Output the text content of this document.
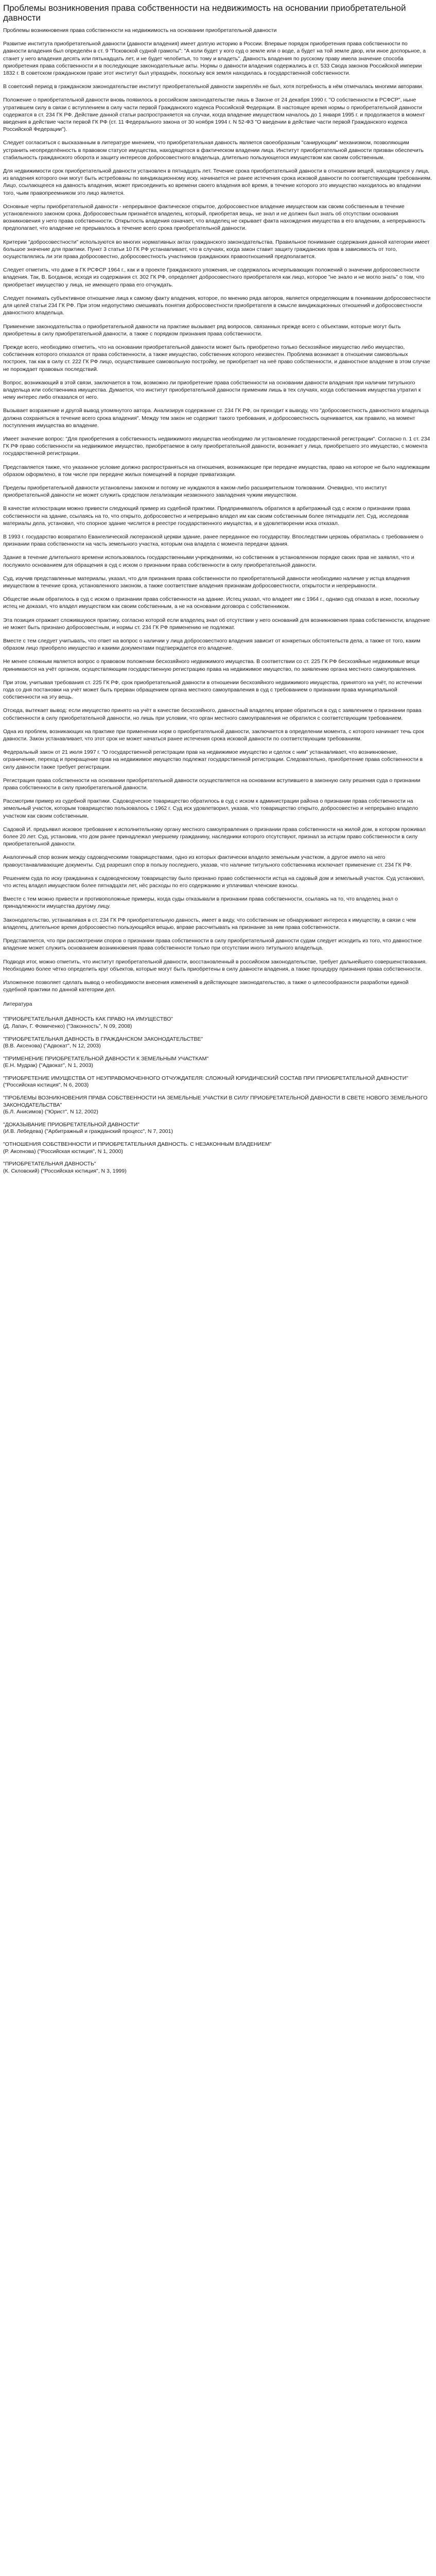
Проблемы возникновения права собственности на недвижимость на основании приобретательной давности

Проблемы возникновения права собственности на недвижимость на основании приобретательной давности

Развитие института приобретательной давности (давности владения) имеет долгую историю в России. Впервые порядок приобретения права собственности по давности владения был определён в ст. 9 "Псковской судной грамоты": "А коли будет у кого суд о земле или о воде, а будет на той земле двор, или иное доспорьное, а станет у него владения десять или пятьнадцать лет, и не будет челобитья, то тому и владеть". Давность владения по русскому праву имела значение способа приобретения права собственности и в последующие законодательные акты. Нормы о давности владения содержались в ст. 533 Свода законов Российской империи 1832 г. В советском гражданском праве этот институт был упразднён, поскольку вся земля находилась в государственной собственности.

В советский период в гражданском законодательстве институт приобретательной давности закреплён не был, хотя потребность в нём отмечалась многими авторами.

Положение о приобретательной давности вновь появилось в российском законодательстве лишь в Законе от 24 декабря 1990 г. "О собственности в РСФСР", ныне утратившем силу в связи с вступлением в силу части первой Гражданского кодекса Российской Федерации. В настоящее время нормы о приобретательной давности содержатся в ст. 234 ГК РФ. Действие данной статьи распространяется на случаи, когда владение имуществом началось до 1 января 1995 г. и продолжается в момент введения в действие части первой ГК РФ (ст. 11 Федерального закона от 30 ноября 1994 г. N 52-ФЗ "О введении в действие части первой Гражданского кодекса Российской Федерации").

Следует согласиться с высказанным в литературе мнением, что приобретательная давность является своеобразным "санирующим" механизмом, позволяющим устранить неопределённость в правовом статусе имущества, находящегося в фактическом владении лица. Институт приобретательной давности призван обеспечить стабильность гражданского оборота и защиту интересов добросовестного владельца, длительно пользующегося имуществом как своим собственным.

Для недвижимости срок приобретательной давности установлен в пятнадцать лет. Течение срока приобретательной давности в отношении вещей, находящихся у лица, из владения которого они могут быть истребованы по виндикационному иску, начинается не ранее истечения срока исковой давности по соответствующим требованиям. Лицо, ссылающееся на давность владения, может присоединить ко времени своего владения всё время, в течение которого это имущество находилось во владении того, чьим правопреемником это лицо является.

Основные черты приобретательной давности - непрерывное фактическое открытое, добросовестное владение имуществом как своим собственным в течение установленного законом срока. Добросовестным признаётся владелец, который, приобретая вещь, не знал и не должен был знать об отсутствии основания возникновения у него права собственности. Открытость владения означает, что владелец не скрывает факта нахождения имущества в его владении, а непрерывность предполагает, что владение не прерывалось в течение всего срока приобретательной давности.

Критерии "добросовестности" используются во многих нормативных актах гражданского законодательства. Правильное понимание содержания данной категории имеет большое значение для практики. Пункт 3 статьи 10 ГК РФ устанавливает, что в случаях, когда закон ставит защиту гражданских прав в зависимость от того, осуществлялись ли эти права добросовестно, добросовестность участников гражданских правоотношений предполагается.

Следует отметить, что даже в ГК РСФСР 1964 г., как и в проекте Гражданского уложения, не содержалось исчерпывающих положений о значении добросовестности владения. Так, В. Богданов, исходя из содержания ст. 302 ГК РФ, определяет добросовестного приобретателя как лицо, которое "не знало и не могло знать" о том, что приобретает имущество у лица, не имеющего права его отчуждать.

Следует понимать субъективное отношение лица к самому факту владения, которое, по мнению ряда авторов, является определяющим в понимании добросовестности для целей статьи 234 ГК РФ. При этом недопустимо смешивать понятия добросовестности приобретателя в смысле виндикационных отношений и добросовестности давностного владельца.

Применение законодательства о приобретательной давности на практике вызывает ряд вопросов, связанных прежде всего с объектами, которые могут быть приобретены в силу приобретательной давности, а также с порядком признания права собственности.

Прежде всего, необходимо отметить, что на основании приобретательной давности может быть приобретено только бесхозяйное имущество либо имущество, собственник которого отказался от права собственности, а также имущество, собственник которого неизвестен. Проблема возникает в отношении самовольных построек, так как в силу ст. 222 ГК РФ лицо, осуществившее самовольную постройку, не приобретает на неё право собственности, и давностное владение в этом случае не порождает правовых последствий.

Вопрос, возникающий в этой связи, заключается в том, возможно ли приобретение права собственности на основании давности владения при наличии титульного владельца или собственника имущества. Думается, что институт приобретательной давности применим лишь в тех случаях, когда собственник имущества утратил к нему интерес либо отказался от него.

Вызывает возражение и другой вывод упомянутого автора. Анализируя содержание ст. 234 ГК РФ, он приходит к выводу, что "добросовестность давностного владельца должна сохраняться в течение всего срока владения". Между тем закон не содержит такого требования, и добросовестность оценивается, как правило, на момент поступления имущества во владение.

Имеет значение вопрос: "Для приобретения в собственность недвижимого имущества необходимо ли установление государственной регистрации". Согласно п. 1 ст. 234 ГК РФ право собственности на недвижимое имущество, приобретаемое в силу приобретательной давности, возникает у лица, приобретшего это имущество, с момента государственной регистрации.

Представляется также, что указанное условие должно распространяться на отношения, возникающие при передаче имущества, право на которое не было надлежащим образом оформлено, в том числе при передаче жилых помещений в порядке приватизации.

Пределы приобретательной давности установлены законом и потому не нуждаются в каком-либо расширительном толковании. Очевидно, что институт приобретательной давности не может служить средством легализации незаконного завладения чужим имуществом.

В качестве иллюстрации можно привести следующий пример из судебной практики. Предприниматель обратился в арбитражный суд с иском о признании права собственности на здание, ссылаясь на то, что открыто, добросовестно и непрерывно владел им как своим собственным более пятнадцати лет. Суд, исследовав материалы дела, установил, что спорное здание числится в реестре государственного имущества, и в удовлетворении иска отказал.

В 1993 г. государство возвратило Евангелической лютеранской церкви здание, ранее переданное ею государству. Впоследствии церковь обратилась с требованием о признании права собственности на часть земельного участка, которым она владела с момента передачи здания.

Здание в течение длительного времени использовалось государственными учреждениями, но собственник в установленном порядке своих прав не заявлял, что и послужило основанием для обращения в суд с иском о признании права собственности в силу приобретательной давности.

Суд, изучив представленные материалы, указал, что для признания права собственности по приобретательной давности необходимо наличие у истца владения имуществом в течение срока, установленного законом, а также соответствие владения признакам добросовестности, открытости и непрерывности.

Обществе иным обратилось в суд с иском о признании права собственности на здание. Истец указал, что владеет им с 1964 г., однако суд отказал в иске, поскольку истец не доказал, что владел имуществом как своим собственным, а не на основании договора с собственником.

Эта позиция отражает сложившуюся практику, согласно которой если владелец знал об отсутствии у него оснований для возникновения права собственности, владение не может быть признано добросовестным, и нормы ст. 234 ГК РФ применению не подлежат.

Вместе с тем следует учитывать, что ответ на вопрос о наличии у лица добросовестного владения зависит от конкретных обстоятельств дела, а также от того, каким образом лицо приобрело имущество и какими документами подтверждается его владение.

Не менее сложным является вопрос о правовом положении бесхозяйного недвижимого имущества. В соответствии со ст. 225 ГК РФ бесхозяйные недвижимые вещи принимаются на учёт органом, осуществляющим государственную регистрацию права на недвижимое имущество, по заявлению органа местного самоуправления.

При этом, учитывая требования ст. 225 ГК РФ, срок приобретательной давности в отношении бесхозяйного недвижимого имущества, принятого на учёт, по истечении года со дня постановки на учёт может быть прерван обращением органа местного самоуправления в суд с требованием о признании права муниципальной собственности на эту вещь.

Отсюда, вытекает вывод: если имущество принято на учёт в качестве бесхозяйного, давностный владелец вправе обратиться в суд с заявлением о признании права собственности в силу приобретательной давности, но лишь при условии, что орган местного самоуправления не обратился с соответствующим требованием.

Одна из проблем, возникающих на практике при применении норм о приобретательной давности, заключается в определении момента, с которого начинает течь срок давности. Закон устанавливает, что этот срок не может начаться ранее истечения срока исковой давности по соответствующим требованиям.

Федеральный закон от 21 июля 1997 г. "О государственной регистрации прав на недвижимое имущество и сделок с ним" устанавливает, что возникновение, ограничение, переход и прекращение прав на недвижимое имущество подлежат государственной регистрации. Следовательно, приобретение права собственности в силу давности также требует регистрации.

Регистрация права собственности на основании приобретательной давности осуществляется на основании вступившего в законную силу решения суда о признании права собственности в силу приобретательной давности.

Рассмотрим пример из судебной практики. Садоводческое товарищество обратилось в суд с иском к администрации района о признании права собственности на земельный участок, которым товарищество пользовалось с 1962 г. Суд иск удовлетворил, указав, что товарищество открыто, добросовестно и непрерывно владело участком как своим собственным.

Садовой И. предъявил исковое требование к исполнительному органу местного самоуправления о признании права собственности на жилой дом, в котором проживал более 20 лет. Суд, установив, что дом ранее принадлежал умершему гражданину, наследники которого отсутствуют, признал за истцом право собственности в силу приобретательной давности.

Аналогичный спор возник между садоводческими товариществами, одно из которых фактически владело земельным участком, а другое имело на него правоустанавливающие документы. Суд разрешил спор в пользу последнего, указав, что наличие титульного собственника исключает применение ст. 234 ГК РФ.

Решением суда по иску гражданина к садоводческому товариществу было признано право собственности истца на садовый дом и земельный участок. Суд установил, что истец владел имуществом более пятнадцати лет, нёс расходы по его содержанию и уплачивал членские взносы.

Вместе с тем можно привести и противоположные примеры, когда суды отказывали в признании права собственности, ссылаясь на то, что владелец знал о принадлежности имущества другому лицу.

Законодательство, устанавливая в ст. 234 ГК РФ приобретательную давность, имеет в виду, что собственник не обнаруживает интереса к имуществу, в связи с чем владелец, длительное время добросовестно пользующийся вещью, вправе рассчитывать на признание за ним права собственности.

Представляется, что при рассмотрении споров о признании права собственности в силу приобретательной давности судам следует исходить из того, что давностное владение может служить основанием возникновения права собственности только при отсутствии иного титульного владельца.

Подводя итог, можно отметить, что институт приобретательной давности, восстановленный в российском законодательстве, требует дальнейшего совершенствования. Необходимо более чётко определить круг объектов, которые могут быть приобретены в силу давности владения, а также процедуру признания права собственности.

Изложенное позволяет сделать вывод о необходимости внесения изменений в действующее законодательство, а также о целесообразности разработки единой судебной практики по данной категории дел.

Литература

"ПРИОБРЕТАТЕЛЬНАЯ ДАВНОСТЬ КАК ПРАВО НА ИМУЩЕСТВО"
(Д. Лапач, Г. Фомиченко) ("Законность", N 09, 2008)
"ПРИОБРЕТАТЕЛЬНАЯ ДАВНОСТЬ В ГРАЖДАНСКОМ ЗАКОНОДАТЕЛЬСТВЕ"
(В.В. Аксенова) ("Адвокат", N 12, 2003)
"ПРИМЕНЕНИЕ ПРИОБРЕТАТЕЛЬНОЙ ДАВНОСТИ К ЗЕМЕЛЬНЫМ УЧАСТКАМ"
(Е.Н. Мудрак) ("Адвокат", N 1, 2003)
"ПРИОБРЕТЕНИЕ ИМУЩЕСТВА ОТ НЕУПРАВОМОЧЕННОГО ОТЧУЖДАТЕЛЯ: СЛОЖНЫЙ ЮРИДИЧЕСКИЙ СОСТАВ ПРИ ПРИОБРЕТАТЕЛЬНОЙ ДАВНОСТИ"
("Российская юстиция", N 6, 2003)
"ПРОБЛЕМЫ ВОЗНИКНОВЕНИЯ ПРАВА СОБСТВЕННОСТИ НА ЗЕМЕЛЬНЫЕ УЧАСТКИ В СИЛУ ПРИОБРЕТАТЕЛЬНОЙ ДАВНОСТИ В СВЕТЕ НОВОГО ЗЕМЕЛЬНОГО ЗАКОНОДАТЕЛЬСТВА"
(Б.Л. Анисимов) ("Юрист", N 12, 2002)
"ДОКАЗЫВАНИЕ ПРИОБРЕТАТЕЛЬНОЙ ДАВНОСТИ"
(И.В. Лебедева) ("Арбитражный и гражданский процесс", N 7, 2001)
"ОТНОШЕНИЯ СОБСТВЕННОСТИ И ПРИОБРЕТАТЕЛЬНАЯ ДАВНОСТЬ. С НЕЗАКОННЫМ ВЛАДЕНИЕМ"
(Р. Аксенова) ("Российская юстиция", N 1, 2000)
"ПРИОБРЕТАТЕЛЬНАЯ ДАВНОСТЬ"
(К. Скловский) ("Российская юстиция", N 3, 1999)
